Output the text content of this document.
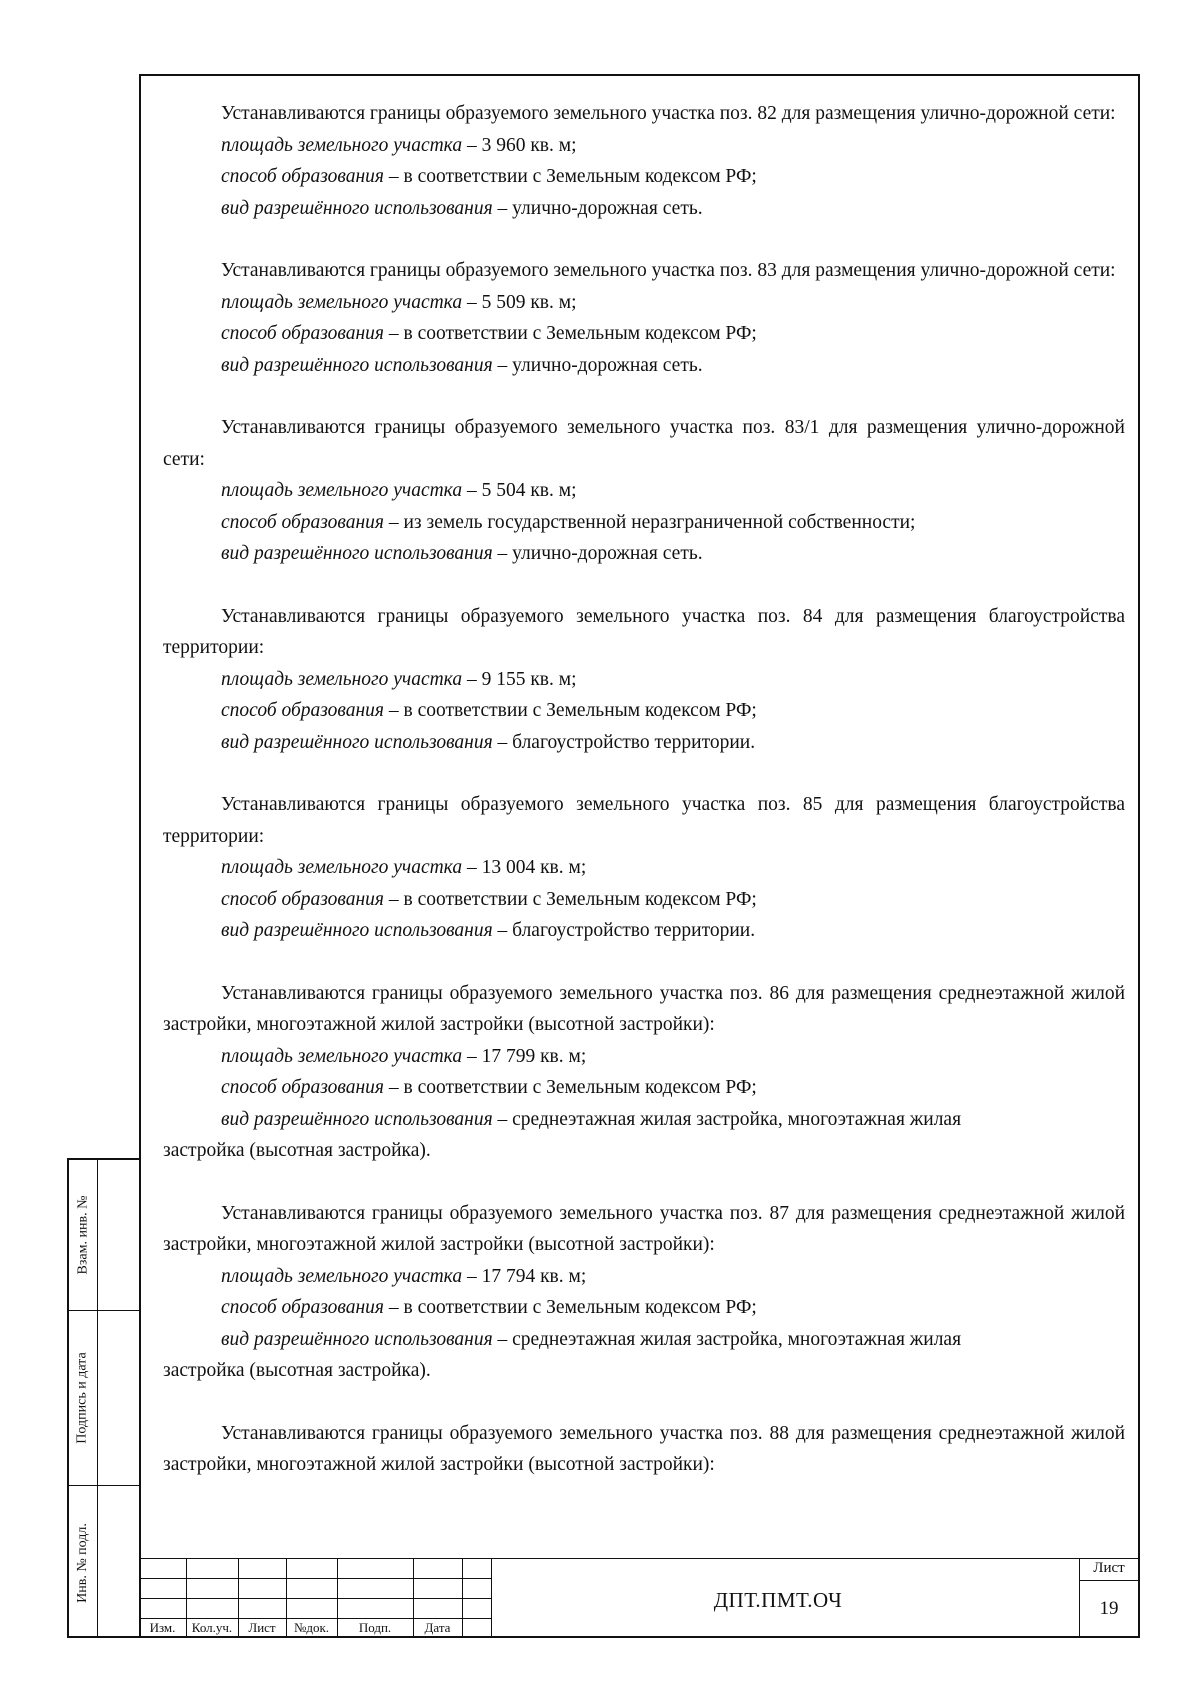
Устанавливаются границы образуемого земельного участка поз. 82 для размещения улично-дорожной сети:

площадь земельного участка – 3 960 кв. м;

способ образования – в соответствии с Земельным кодексом РФ;

вид разрешённого использования – улично-дорожная сеть.

Устанавливаются границы образуемого земельного участка поз. 83 для размещения улично-дорожной сети:

площадь земельного участка – 5 509 кв. м;

способ образования – в соответствии с Земельным кодексом РФ;

вид разрешённого использования – улично-дорожная сеть.

Устанавливаются границы образуемого земельного участка поз. 83/1 для размещения улично-дорожной сети:

площадь земельного участка – 5 504 кв. м;

способ образования – из земель государственной неразграниченной собственности;

вид разрешённого использования – улично-дорожная сеть.

Устанавливаются границы образуемого земельного участка поз. 84 для размещения благоустройства территории:

площадь земельного участка – 9 155 кв. м;

способ образования – в соответствии с Земельным кодексом РФ;

вид разрешённого использования – благоустройство территории.

Устанавливаются границы образуемого земельного участка поз. 85 для размещения благоустройства территории:

площадь земельного участка – 13 004 кв. м;

способ образования – в соответствии с Земельным кодексом РФ;

вид разрешённого использования – благоустройство территории.

Устанавливаются границы образуемого земельного участка поз. 86 для размещения среднеэтажной жилой застройки, многоэтажной жилой застройки (высотной застройки):

площадь земельного участка – 17 799 кв. м;

способ образования – в соответствии с Земельным кодексом РФ;

вид разрешённого использования – среднеэтажная жилая застройка, многоэтажная жилая

застройка (высотная застройка).

Устанавливаются границы образуемого земельного участка поз. 87 для размещения среднеэтажной жилой застройки, многоэтажной жилой застройки (высотной застройки):

площадь земельного участка – 17 794 кв. м;

способ образования – в соответствии с Земельным кодексом РФ;

вид разрешённого использования – среднеэтажная жилая застройка, многоэтажная жилая

застройка (высотная застройка).

Устанавливаются границы образуемого земельного участка поз. 88 для размещения среднеэтажной жилой застройки, многоэтажной жилой застройки (высотной застройки):

Взам. инв. №
Подпись и дата
Инв. № подл.
Изм.	Кол.уч.	Лист	№док.	Подп.	Дата
ДПТ.ПМТ.ОЧ
Лист
19
